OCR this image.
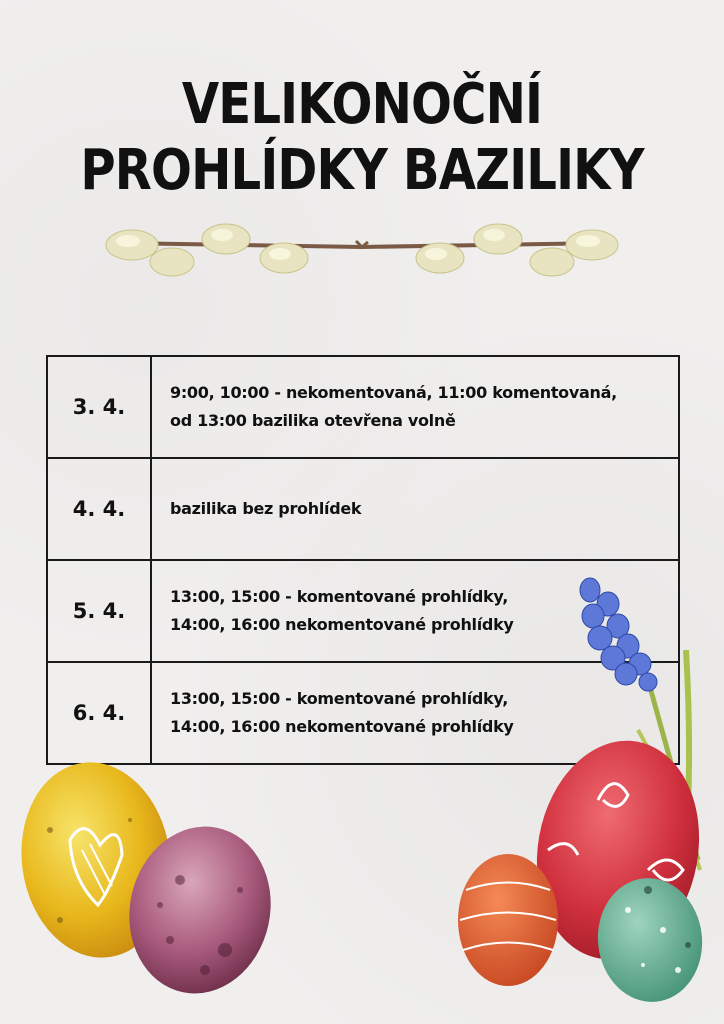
VELIKONOČNÍ
PROHLÍDKY BAZILIKY
3. 4.	9:00, 10:00 - nekomentovaná, 11:00 komentovaná,
od 13:00 bazilika otevřena volně

4. 4.	bazilika bez prohlídek

5. 4.	13:00, 15:00 - komentované prohlídky,
14:00, 16:00 nekomentované prohlídky

6. 4.	13:00, 15:00 - komentované prohlídky,
14:00, 16:00 nekomentované prohlídky
